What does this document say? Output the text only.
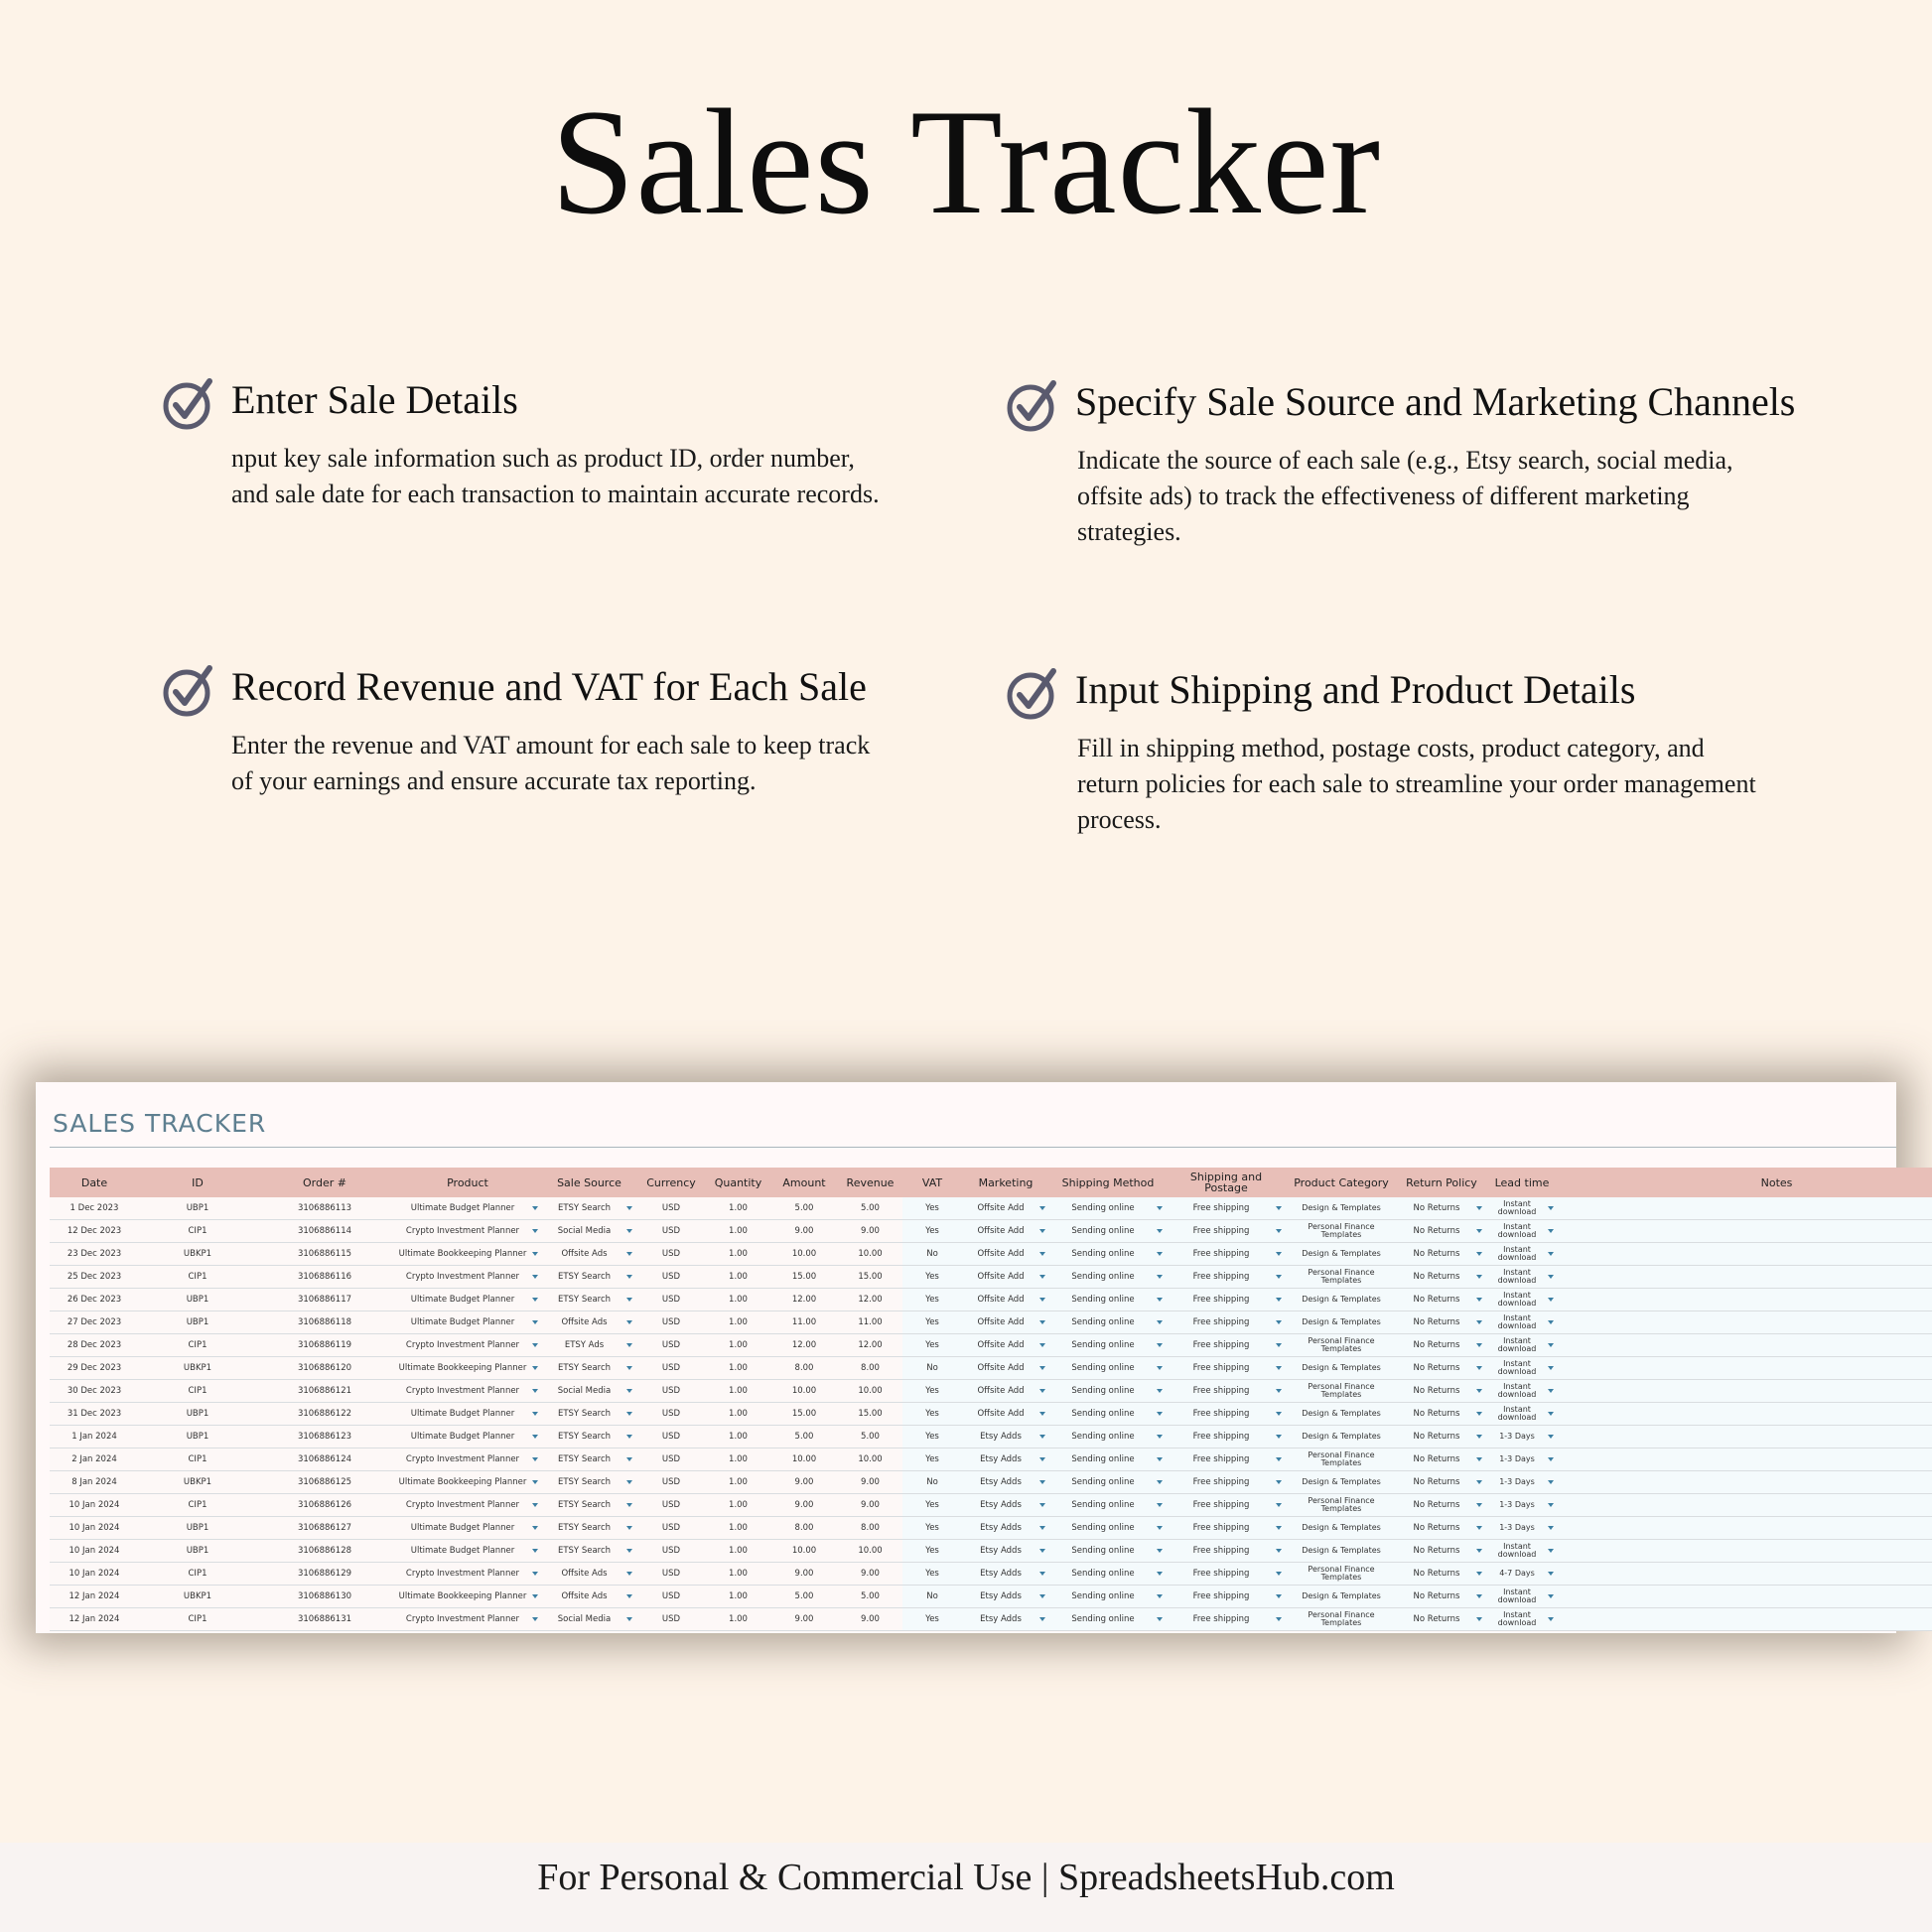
Sales Tracker
Enter Sale Details
nput key sale information such as product ID, order number, and sale date for each transaction to maintain accurate records.
Specify Sale Source and Marketing Channels
Indicate the source of each sale (e.g., Etsy search, social media, offsite ads) to track the effectiveness of different marketing strategies.
Record Revenue and VAT for Each Sale
Enter the revenue and VAT amount for each sale to keep track of your earnings and ensure accurate tax reporting.
Input Shipping and Product Details
Fill in shipping method, postage costs, product category, and return policies for each sale to streamline your order management process.
SALES TRACKER
Date	ID	Order #	Product	Sale Source	Currency	Quantity	Amount	Revenue	VAT	Marketing	Shipping Method	Shipping and Postage	Product Category	Return Policy	Lead time	Notes
1 Dec 2023	UBP1	3106886113	Ultimate Budget Planner	ETSY Search	USD	1.00	5.00	5.00	Yes	Offsite Add	Sending online	Free shipping	Design & Templates	No Returns	Instant download	
12 Dec 2023	CIP1	3106886114	Crypto Investment Planner	Social Media	USD	1.00	9.00	9.00	Yes	Offsite Add	Sending online	Free shipping	Personal Finance Templates	No Returns	Instant download	
23 Dec 2023	UBKP1	3106886115	Ultimate Bookkeeping Planner	Offsite Ads	USD	1.00	10.00	10.00	No	Offsite Add	Sending online	Free shipping	Design & Templates	No Returns	Instant download	
25 Dec 2023	CIP1	3106886116	Crypto Investment Planner	ETSY Search	USD	1.00	15.00	15.00	Yes	Offsite Add	Sending online	Free shipping	Personal Finance Templates	No Returns	Instant download	
26 Dec 2023	UBP1	3106886117	Ultimate Budget Planner	ETSY Search	USD	1.00	12.00	12.00	Yes	Offsite Add	Sending online	Free shipping	Design & Templates	No Returns	Instant download	
27 Dec 2023	UBP1	3106886118	Ultimate Budget Planner	Offsite Ads	USD	1.00	11.00	11.00	Yes	Offsite Add	Sending online	Free shipping	Design & Templates	No Returns	Instant download	
28 Dec 2023	CIP1	3106886119	Crypto Investment Planner	ETSY Ads	USD	1.00	12.00	12.00	Yes	Offsite Add	Sending online	Free shipping	Personal Finance Templates	No Returns	Instant download	
29 Dec 2023	UBKP1	3106886120	Ultimate Bookkeeping Planner	ETSY Search	USD	1.00	8.00	8.00	No	Offsite Add	Sending online	Free shipping	Design & Templates	No Returns	Instant download	
30 Dec 2023	CIP1	3106886121	Crypto Investment Planner	Social Media	USD	1.00	10.00	10.00	Yes	Offsite Add	Sending online	Free shipping	Personal Finance Templates	No Returns	Instant download	
31 Dec 2023	UBP1	3106886122	Ultimate Budget Planner	ETSY Search	USD	1.00	15.00	15.00	Yes	Offsite Add	Sending online	Free shipping	Design & Templates	No Returns	Instant download	
1 Jan 2024	UBP1	3106886123	Ultimate Budget Planner	ETSY Search	USD	1.00	5.00	5.00	Yes	Etsy Adds	Sending online	Free shipping	Design & Templates	No Returns	1-3 Days	
2 Jan 2024	CIP1	3106886124	Crypto Investment Planner	ETSY Search	USD	1.00	10.00	10.00	Yes	Etsy Adds	Sending online	Free shipping	Personal Finance Templates	No Returns	1-3 Days	
8 Jan 2024	UBKP1	3106886125	Ultimate Bookkeeping Planner	ETSY Search	USD	1.00	9.00	9.00	No	Etsy Adds	Sending online	Free shipping	Design & Templates	No Returns	1-3 Days	
10 Jan 2024	CIP1	3106886126	Crypto Investment Planner	ETSY Search	USD	1.00	9.00	9.00	Yes	Etsy Adds	Sending online	Free shipping	Personal Finance Templates	No Returns	1-3 Days	
10 Jan 2024	UBP1	3106886127	Ultimate Budget Planner	ETSY Search	USD	1.00	8.00	8.00	Yes	Etsy Adds	Sending online	Free shipping	Design & Templates	No Returns	1-3 Days	
10 Jan 2024	UBP1	3106886128	Ultimate Budget Planner	ETSY Search	USD	1.00	10.00	10.00	Yes	Etsy Adds	Sending online	Free shipping	Design & Templates	No Returns	Instant download	
10 Jan 2024	CIP1	3106886129	Crypto Investment Planner	Offsite Ads	USD	1.00	9.00	9.00	Yes	Etsy Adds	Sending online	Free shipping	Personal Finance Templates	No Returns	4-7 Days	
12 Jan 2024	UBKP1	3106886130	Ultimate Bookkeeping Planner	Offsite Ads	USD	1.00	5.00	5.00	No	Etsy Adds	Sending online	Free shipping	Design & Templates	No Returns	Instant download	
12 Jan 2024	CIP1	3106886131	Crypto Investment Planner	Social Media	USD	1.00	9.00	9.00	Yes	Etsy Adds	Sending online	Free shipping	Personal Finance Templates	No Returns	Instant download	
For Personal & Commercial Use | SpreadsheetsHub.com
